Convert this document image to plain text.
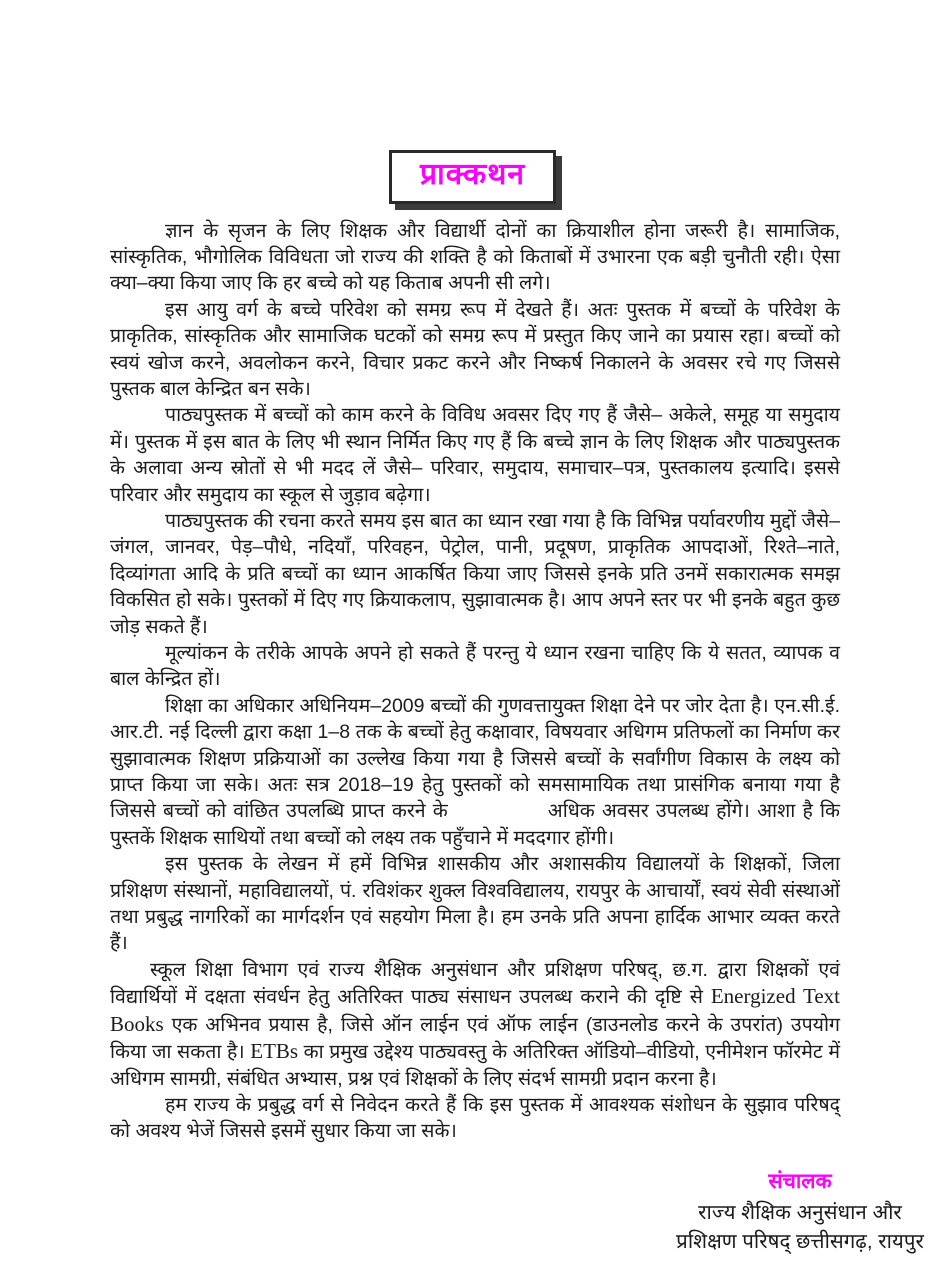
प्राक्कथन

ज्ञान के सृजन के लिए शिक्षक और विद्यार्थी दोनों का क्रियाशील होना जरूरी है। सामाजिक, सांस्कृतिक, भौगोलिक विविधता जो राज्य की शक्ति है को किताबों में उभारना एक बड़ी चुनौती रही। ऐसा क्या–क्या किया जाए कि हर बच्चे को यह किताब अपनी सी लगे।

इस आयु वर्ग के बच्चे परिवेश को समग्र रूप में देखते हैं। अतः पुस्तक में बच्चों के परिवेश के प्राकृतिक, सांस्कृतिक और सामाजिक घटकों को समग्र रूप में प्रस्तुत किए जाने का प्रयास रहा। बच्चों को स्वयं खोज करने, अवलोकन करने, विचार प्रकट करने और निष्कर्ष निकालने के अवसर रचे गए जिससे पुस्तक बाल केन्द्रित बन सके।

पाठ्यपुस्तक में बच्चों को काम करने के विविध अवसर दिए गए हैं जैसे– अकेले, समूह या समुदाय में। पुस्तक में इस बात के लिए भी स्थान निर्मित किए गए हैं कि बच्चे ज्ञान के लिए शिक्षक और पाठ्यपुस्तक के अलावा अन्य स्रोतों से भी मदद लें जैसे– परिवार, समुदाय, समाचार–पत्र, पुस्तकालय इत्यादि। इससे परिवार और समुदाय का स्कूल से जुड़ाव बढ़ेगा।

पाठ्यपुस्तक की रचना करते समय इस बात का ध्यान रखा गया है कि विभिन्न पर्यावरणीय मुद्दों जैसे–जंगल, जानवर, पेड़–पौधे, नदियाँ, परिवहन, पेट्रोल, पानी, प्रदूषण, प्राकृतिक आपदाओं, रिश्ते–नाते, दिव्यांगता आदि के प्रति बच्चों का ध्यान आकर्षित किया जाए जिससे इनके प्रति उनमें सकारात्मक समझ विकसित हो सके। पुस्तकों में दिए गए क्रियाकलाप, सुझावात्मक है। आप अपने स्तर पर भी इनके बहुत कुछ जोड़ सकते हैं।

मूल्यांकन के तरीके आपके अपने हो सकते हैं परन्तु ये ध्यान रखना चाहिए कि ये सतत, व्यापक व बाल केन्द्रित हों।

शिक्षा का अधिकार अधिनियम–2009 बच्चों की गुणवत्तायुक्त शिक्षा देने पर जोर देता है। एन.सी.ई. आर.टी. नई दिल्ली द्वारा कक्षा 1–8 तक के बच्चों हेतु कक्षावार, विषयवार अधिगम प्रतिफलों का निर्माण कर सुझावात्मक शिक्षण प्रक्रियाओं का उल्लेख किया गया है जिससे बच्चों के सर्वांगीण विकास के लक्ष्य को प्राप्त किया जा सके। अतः सत्र 2018–19 हेतु पुस्तकों को समसामायिक तथा प्रासंगिक बनाया गया है जिससे बच्चों को वांछित उपलब्धि प्राप्त करने के              अधिक अवसर उपलब्ध होंगे। आशा है कि पुस्तकें शिक्षक साथियों तथा बच्चों को लक्ष्य तक पहुँचाने में मददगार होंगी।

इस पुस्तक के लेखन में हमें विभिन्न शासकीय और अशासकीय विद्यालयों के शिक्षकों, जिला प्रशिक्षण संस्थानों, महाविद्यालयों, पं. रविशंकर शुक्ल विश्वविद्यालय, रायपुर के आचार्यों, स्वयं सेवी संस्थाओं तथा प्रबुद्ध नागरिकों का मार्गदर्शन एवं सहयोग मिला है। हम उनके प्रति अपना हार्दिक आभार व्यक्त करते हैं।

स्कूल शिक्षा विभाग एवं राज्य शैक्षिक अनुसंधान और प्रशिक्षण परिषद्, छ.ग. द्वारा शिक्षकों एवं विद्यार्थियों में दक्षता संवर्धन हेतु अतिरिक्त पाठ्य संसाधन उपलब्ध कराने की दृष्टि से Energized Text Books एक अभिनव प्रयास है, जिसे ऑन लाईन एवं ऑफ लाईन (डाउनलोड करने के उपरांत) उपयोग किया जा सकता है। ETBs का प्रमुख उद्देश्य पाठ्यवस्तु के अतिरिक्त ऑडियो–वीडियो, एनीमेशन फॉरमेट में अधिगम सामग्री, संबंधित अभ्यास, प्रश्न एवं शिक्षकों के लिए संदर्भ सामग्री प्रदान करना है।

हम राज्य के प्रबुद्ध वर्ग से निवेदन करते हैं कि इस पुस्तक में आवश्यक संशोधन के सुझाव परिषद् को अवश्य भेजें जिससे इसमें सुधार किया जा सके।

संचालक
राज्य शैक्षिक अनुसंधान और
प्रशिक्षण परिषद् छत्तीसगढ़, रायपुर
